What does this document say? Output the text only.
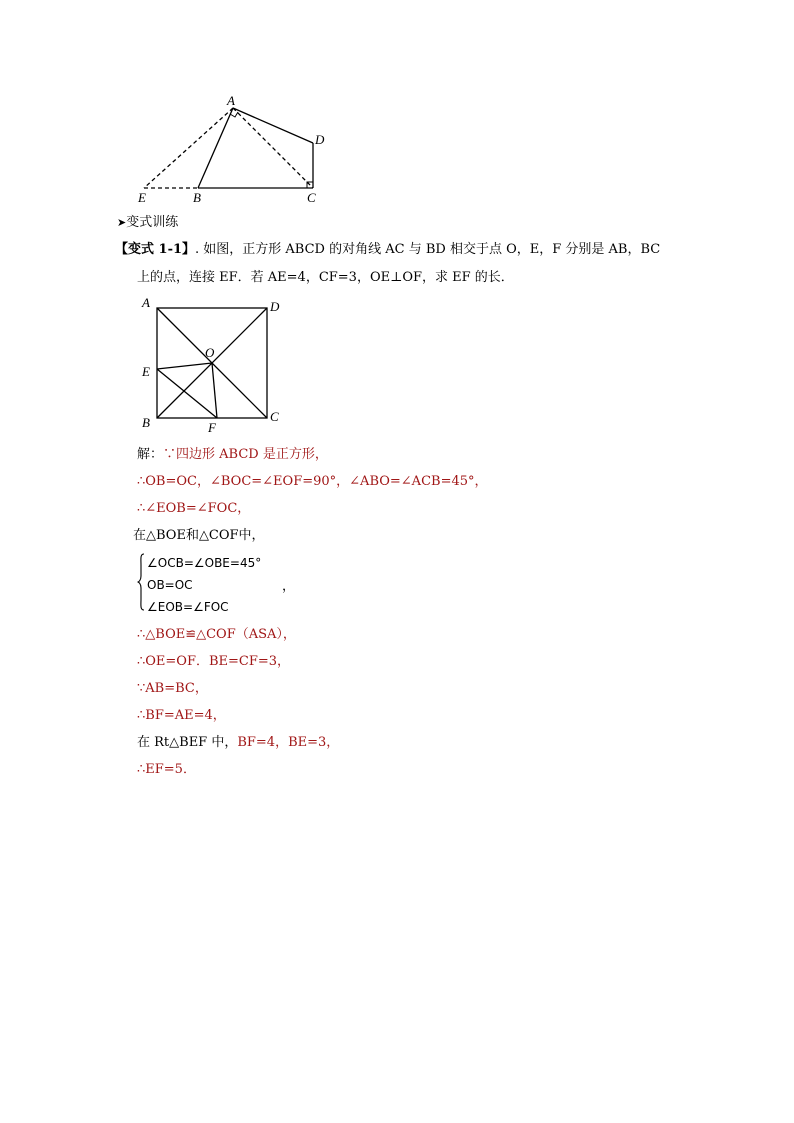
A
B	C
D
E
➤变式训练
【变式 1-1】. 如图，正方形 ABCD 的对角线 AC 与 BD 相交于点 O，E，F 分别是 AB，BC
上的点，连接 EF．若 AE=4，CF=3，OE⊥OF，求 EF 的长．
A
B	C
D
E
F
O
解：∵四边形 ABCD 是正方形，
∴OB=OC，∠BOC=∠EOF=90°，∠ABO=∠ACB=45°，
∴∠EOB=∠FOC，
在△BOE和△COF中，
∠OCB=∠OBE=45°
OB=OC
∠EOB=∠FOC
，
∴△BOE≌△COF（ASA），
∴OE=OF．BE=CF=3，
∵AB=BC，
∴BF=AE=4，
在 Rt△BEF 中，BF=4，BE=3，
∴EF=5．
